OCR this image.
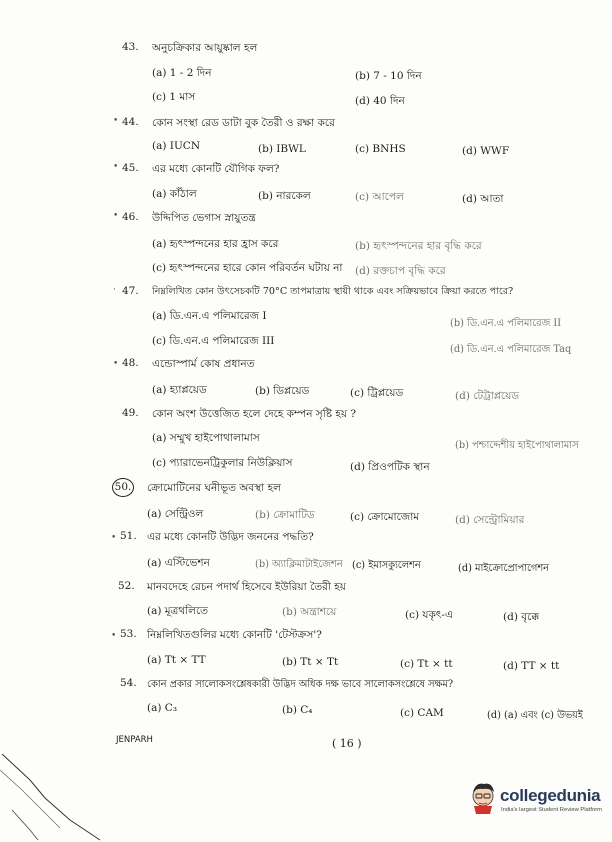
43. অনুচক্রিকার আয়ুষ্কাল হল
(a) 1 - 2 দিন	(b) 7 - 10 দিন
(c) 1 মাস	(d) 40 দিন
• 44. কোন সংস্থা রেড ডাটা বুক তৈরী ও রক্ষা করে
(a) IUCN	(b) IBWL	(c) BNHS	(d) WWF
• 45. এর মধ্যে কোনটি যৌগিক ফল?
(a) কাঁঠাল	(b) নারকেল	(c) আপেল	(d) আতা
• 46. উদ্দিপিত ভেগাস স্নায়ুতন্ত্র
(a) হৃৎস্পন্দনের হার হ্রাস করে	(b) হৃৎস্পন্দনের হার বৃদ্ধি করে
(c) হৃৎস্পন্দনের হারে কোন পরিবর্তন ঘটায় না (d) রক্তচাপ বৃদ্ধি করে
· 47. নিম্নলিখিত কোন উৎসেচকটি 70°C তাপমাত্রায় স্থায়ী থাকে এবং সক্রিয়ভাবে ক্রিয়া করতে পারে?
(a) ডি.এন.এ পলিমারেজ I
(b) ডি.এন.এ পলিমারেজ II
(c) ডি.এন.এ পলিমারেজ III
(d) ডি.এন.এ পলিমারেজ Taq
• 48. এন্ডোস্পার্ম কোষ প্রধানত
(a) হ্যাপ্লয়েড	(b) ডিপ্লয়েড	(c) ট্রিপ্লয়েড	(d) টেট্রাপ্লয়েড
49. কোন অংশ উত্তেজিত হলে দেহে কম্পন সৃষ্টি হয় ?
(a) সম্মুখ হাইপোথালামাস
(b) পশ্চাদ্দেশীয় হাইপোথালামাস
(c) প্যারাভেনট্রিকুলার নিউক্লিয়াস	(d) প্রিওপটিক স্থান
50. ক্রোমোটিনের ঘনীভূত অবস্থা হল
(a) সেন্ট্রিওল	(b) ক্রোমাটিড	(c) ক্রোমোজোম	(d) সেন্ট্রোমিয়ার
• 51. এর মধ্যে কোনটি উদ্ভিদ জননের পদ্ধতি?
(a) এস্টিভেশন	(b) অ্যাক্লিমাটাইজেশন (c) ইমাসক্যুলেশন	(d) মাইক্রোপ্রোপাগেশন
52. মানবদেহে রেচন পদার্থ হিসেবে ইউরিয়া তৈরী হয়
(a) মূত্রথলিতে	(b) অন্ত্রাশয়ে	(c) যকৃৎ-এ	(d) বৃক্কে
• 53. নিম্নলিখিতগুলির মধ্যে কোনটি 'টেস্টক্রস'?
(a) Tt × TT	(b) Tt × Tt	(c) Tt × tt	(d) TT × tt
54. কোন প্রকার সালোকসংশ্লেষকারী উদ্ভিদ অধিক দক্ষ ভাবে সালোকসংশ্লেষে সক্ষম?
(a) C₃	(b) C₄	(c) CAM	(d) (a) এবং (c) উভয়ই
JENPARH	( 16 )
collegedunia
India's largest Student Review Platform
